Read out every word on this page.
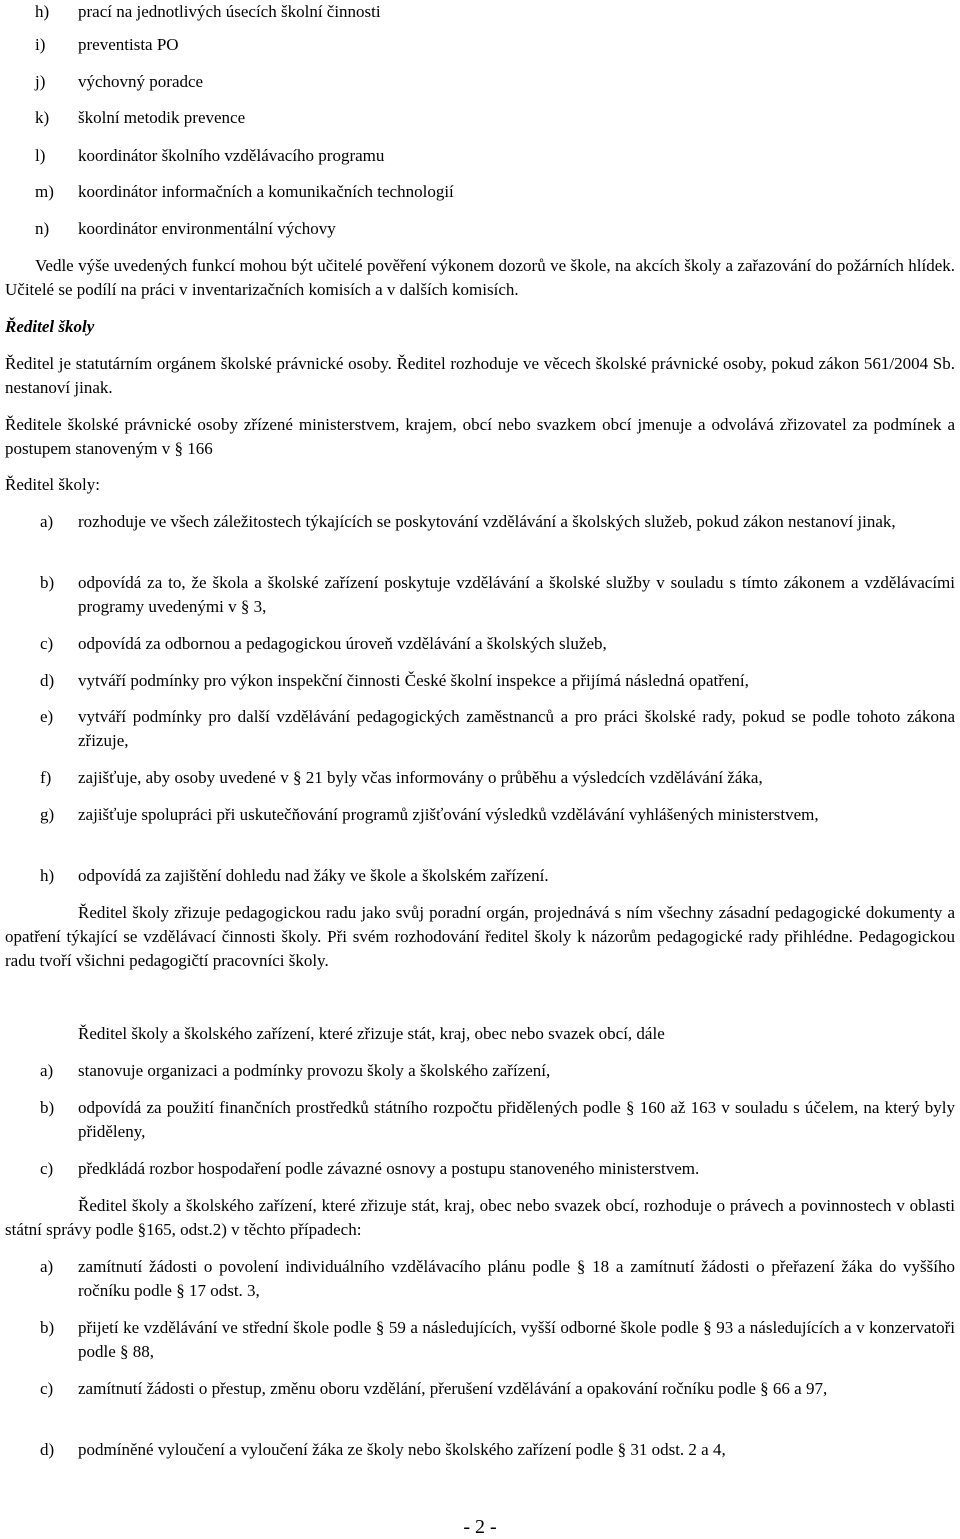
h)	prací na jednotlivých úsecích školní činnosti
i)	preventista PO
j)	výchovný poradce
k)	školní metodik prevence
l)	koordinátor školního vzdělávacího programu
m)	koordinátor informačních a komunikačních technologií
n)	koordinátor environmentální výchovy
Vedle výše uvedených funkcí mohou být učitelé pověření výkonem dozorů ve škole, na akcích školy a zařazování do požárních hlídek. Učitelé se podílí na práci v inventarizačních komisích a v dalších komisích.
Ředitel školy
Ředitel je statutárním orgánem školské právnické osoby. Ředitel rozhoduje ve věcech školské právnické osoby, pokud zákon 561/2004 Sb. nestanoví jinak.
Ředitele školské právnické osoby zřízené ministerstvem, krajem, obcí nebo svazkem obcí jmenuje a odvolává zřizovatel za podmínek a postupem stanoveným v § 166
Ředitel školy:
a)	rozhoduje ve všech záležitostech týkajících se poskytování vzdělávání a školských služeb, pokud zákon nestanoví jinak,
b)	odpovídá za to, že škola a školské zařízení poskytuje vzdělávání a školské služby v souladu s tímto zákonem a vzdělávacími programy uvedenými v § 3,
c)	odpovídá za odbornou a pedagogickou úroveň vzdělávání a školských služeb,
d)	vytváří podmínky pro výkon inspekční činnosti České školní inspekce a přijímá následná opatření,
e)	vytváří podmínky pro další vzdělávání pedagogických zaměstnanců a pro práci školské rady, pokud se podle tohoto zákona zřizuje,
f)	zajišťuje, aby osoby uvedené v § 21 byly včas informovány o průběhu a výsledcích vzdělávání žáka,
g)	zajišťuje spolupráci při uskutečňování programů zjišťování výsledků vzdělávání vyhlášených ministerstvem,
h)	odpovídá za zajištění dohledu nad žáky ve škole a školském zařízení.
Ředitel školy zřizuje pedagogickou radu jako svůj poradní orgán, projednává s ním všechny zásadní pedagogické dokumenty a opatření týkající se vzdělávací činnosti školy. Při svém rozhodování ředitel školy k názorům pedagogické rady přihlédne. Pedagogickou radu tvoří všichni pedagogičtí pracovníci školy.
Ředitel školy a školského zařízení, které zřizuje stát, kraj, obec nebo svazek obcí, dále
a)	stanovuje organizaci a podmínky provozu školy a školského zařízení,
b)	odpovídá za použití finančních prostředků státního rozpočtu přidělených podle § 160 až 163 v souladu s účelem, na který byly přiděleny,
c)	předkládá rozbor hospodaření podle závazné osnovy a postupu stanoveného ministerstvem.
Ředitel školy a školského zařízení, které zřizuje stát, kraj, obec nebo svazek obcí, rozhoduje o právech a povinnostech v oblasti státní správy podle §165, odst.2) v těchto případech:
a)	zamítnutí žádosti o povolení individuálního vzdělávacího plánu podle § 18 a zamítnutí žádosti o přeřazení žáka do vyššího ročníku podle § 17 odst. 3,
b)	přijetí ke vzdělávání ve střední škole podle § 59 a následujících, vyšší odborné škole podle § 93 a následujících a v konzervatoři podle § 88,
c)	zamítnutí žádosti o přestup, změnu oboru vzdělání, přerušení vzdělávání a opakování ročníku podle § 66 a 97,
d)	podmíněné vyloučení a vyloučení žáka ze školy nebo školského zařízení podle § 31 odst. 2 a 4,
- 2 -
